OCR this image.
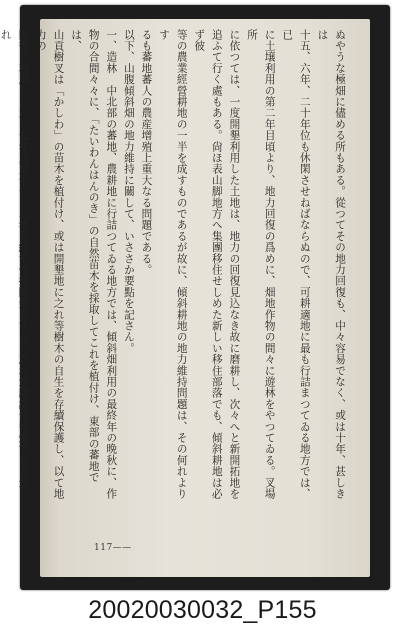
ぬやうな極畑に儘める所もある。從つてその地力回復も、中々容易でなく、或は十年、甚しきは

十五、六年、二十年位も休閑させねばならぬので、可耕適地に最も行詰まつてゐる地方では、已

に土壌利用の第二年目頃より、地力回復の爲めに、畑地作物の間々に遊林をやつてゐる。叉場所

に依つては、一度開墾利用した土地は、地力の回復見込なき故に磨耕し、次々へと新開拓地を

追ふて行く處もある。尙ほ表山脚地方へ集團移住せしめた新しい移住部落でも、傾斜耕地は必ず彼

等の農業經營耕地の一半を成すものであるが故に、傾斜耕地の地力維持問題は、その何れよりす

るも蕃地蕃人の農産增殖上重大なる問題である。

以下、山腹傾斜畑の地力維持に關して、いささか要點を記さん。

一、造林　中北部の蕃地、農耕地に行詰つてゐる地方では、傾斜畑利用の最終年の晩秋に、作

物の合間々々に、「たいわんはんのき」の自然苗木を採取してこれを植付け、東部の蕃地では、

山貢樹叉は「かしわ」の苗木を植付け、或は開墾地に之れ等樹木の自生を存續保護し、以て地力の

回復に利用し、六、七年乃至十一、二年を經て伐採開墾をする。之れが所謂切替畑であるがこれ

117——
20020030032_P155
